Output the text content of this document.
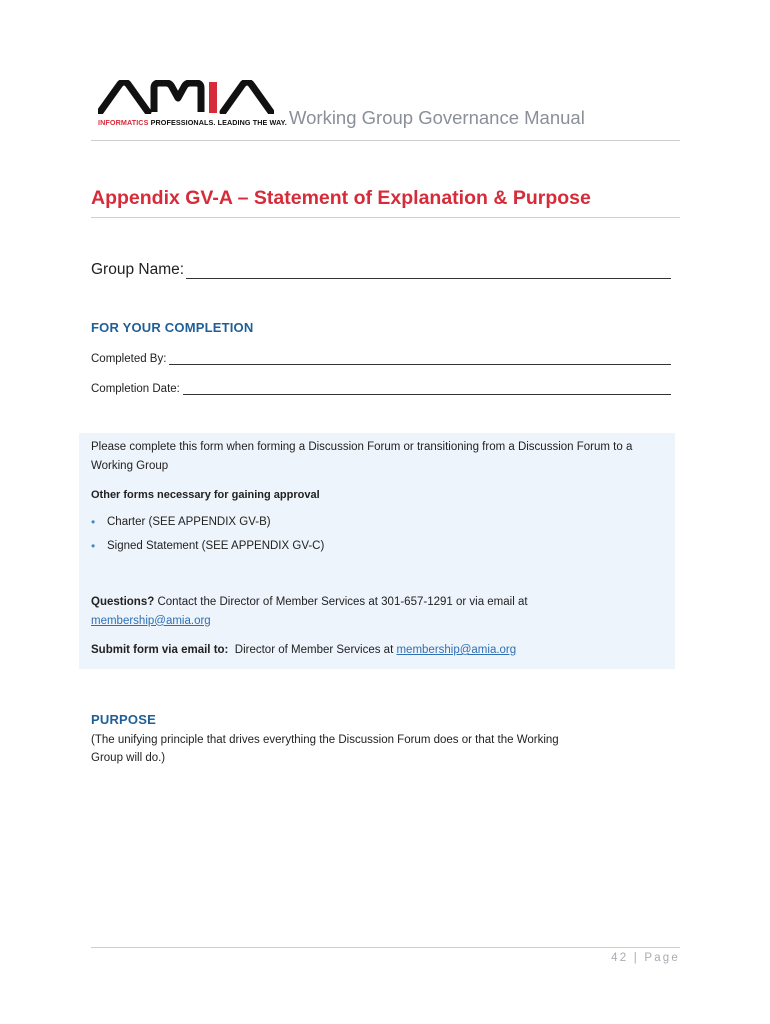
INFORMATICS PROFESSIONALS. LEADING THE WAY. Working Group Governance Manual
Appendix GV-A – Statement of Explanation & Purpose
Group Name:
FOR YOUR COMPLETION
Completed By:
Completion Date:
Please complete this form when forming a Discussion Forum or transitioning from a Discussion Forum to a Working Group
Other forms necessary for gaining approval
•	Charter (SEE APPENDIX GV-B)
•	Signed Statement (SEE APPENDIX GV-C)
Questions? Contact the Director of Member Services at 301-657-1291 or via email at membership@amia.org
Submit form via email to:  Director of Member Services at membership@amia.org
PURPOSE
(The unifying principle that drives everything the Discussion Forum does or that the Working Group will do.)
42 | Page
